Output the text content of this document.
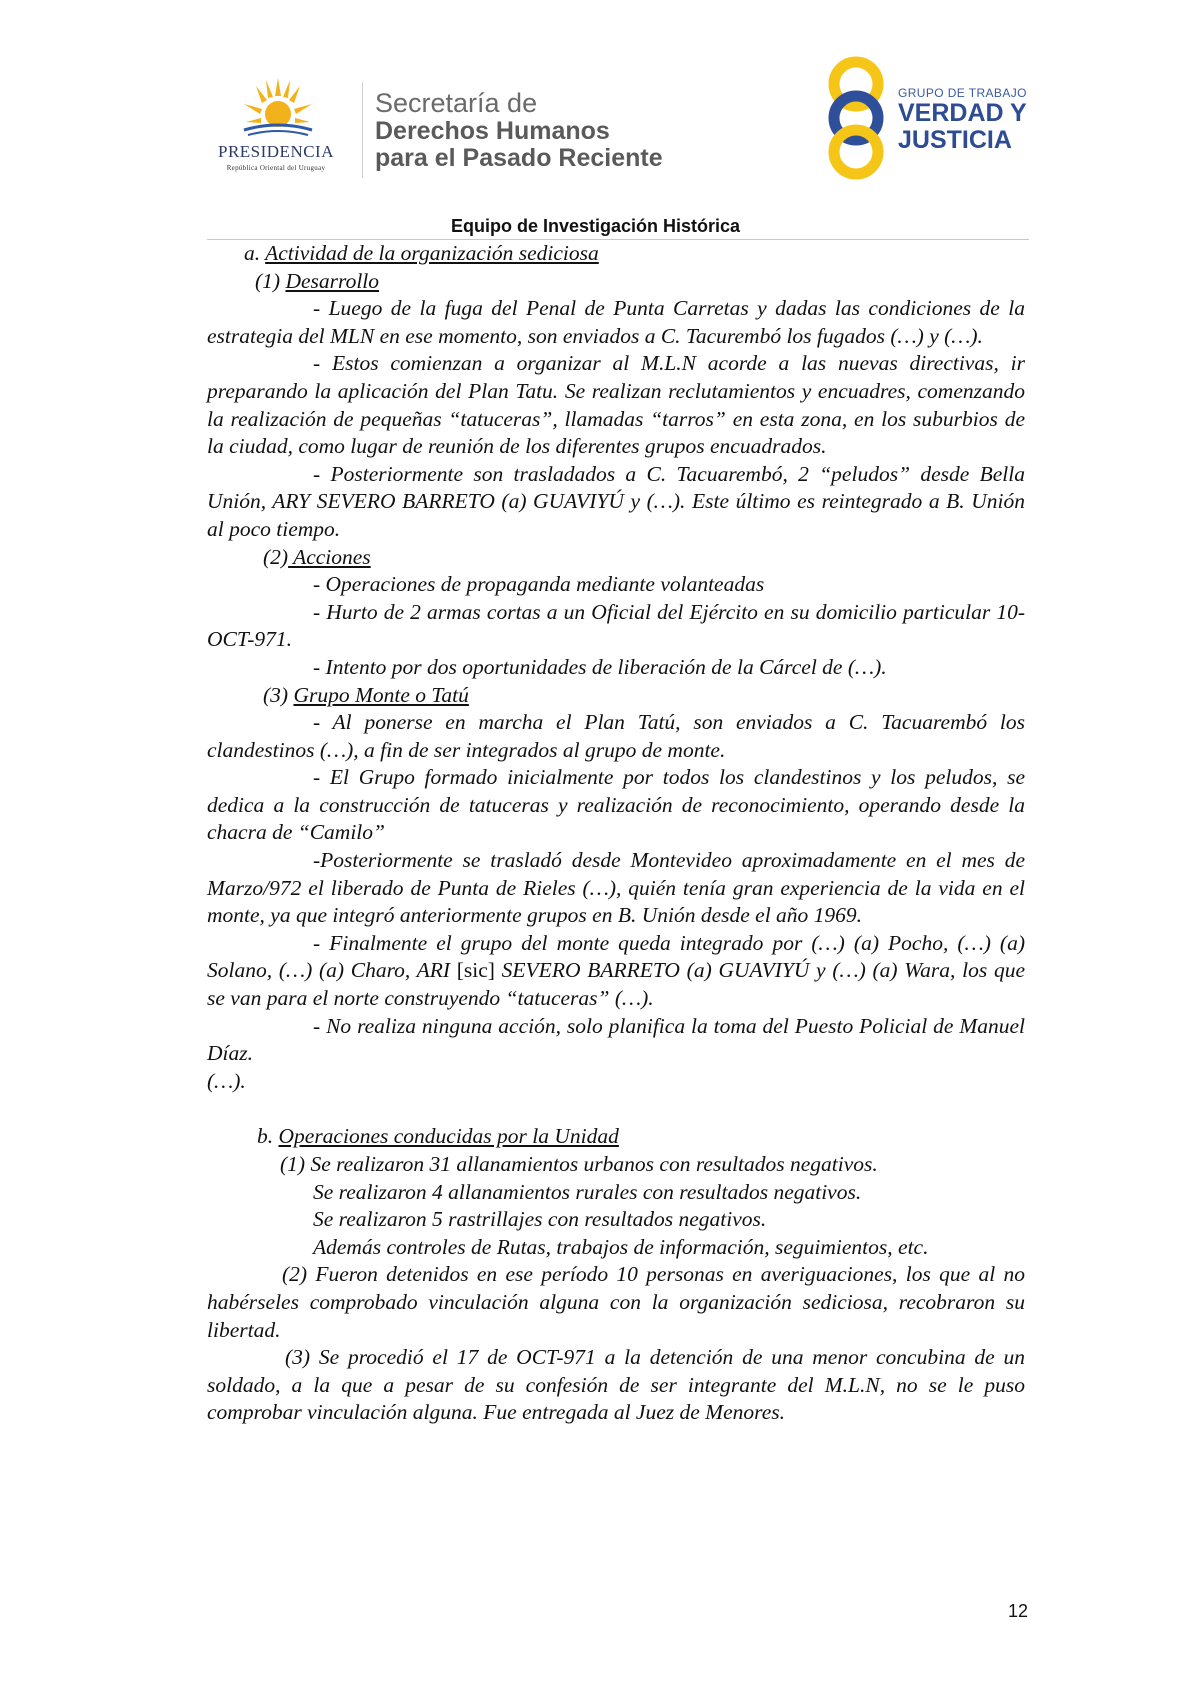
PRESIDENCIA
República Oriental del Uruguay
Secretaría de
Derechos Humanos
para el Pasado Reciente
GRUPO DE TRABAJO
VERDAD Y
JUSTICIA
Equipo de Investigación Histórica

a. Actividad de la organización sediciosa

(1) Desarrollo

- Luego de la fuga del Penal de Punta Carretas y dadas las condiciones de la estrategia del MLN en ese momento, son enviados a C. Tacurembó los fugados (…) y (…).

- Estos comienzan a organizar al M.L.N acorde a las nuevas directivas, ir preparando la aplicación del Plan Tatu. Se realizan reclutamientos y encuadres, comenzando la realización de pequeñas “tatuceras”, llamadas “tarros” en esta zona, en los suburbios de la ciudad, como lugar de reunión de los diferentes grupos encuadrados.

- Posteriormente son trasladados a C. Tacuarembó, 2 “peludos” desde Bella Unión, ARY SEVERO BARRETO (a) GUAVIYÚ y (…). Este último es reintegrado a B. Unión al poco tiempo.

(2) Acciones

- Operaciones de propaganda mediante volanteadas

- Hurto de 2 armas cortas a un Oficial del Ejército en su domicilio particular 10-OCT-971.

- Intento por dos oportunidades de liberación de la Cárcel de (…).

(3) Grupo Monte o Tatú

- Al ponerse en marcha el Plan Tatú, son enviados a C. Tacuarembó los clandestinos (…), a fin de ser integrados al grupo de monte.

- El Grupo formado inicialmente por todos los clandestinos y los peludos, se dedica a la construcción de tatuceras y realización de reconocimiento, operando desde la chacra de “Camilo”

-Posteriormente se trasladó desde Montevideo aproximadamente en el mes de Marzo/972 el liberado de Punta de Rieles (…), quién tenía gran experiencia de la vida en el monte, ya que integró anteriormente grupos en B. Unión desde el año 1969.

- Finalmente el grupo del monte queda integrado por (…) (a) Pocho, (…) (a) Solano, (…) (a) Charo, ARI [sic] SEVERO BARRETO (a) GUAVIYÚ y (…) (a) Wara, los que se van para el norte construyendo “tatuceras” (…).

- No realiza ninguna acción, solo planifica la toma del Puesto Policial de Manuel Díaz.

(…).

b. Operaciones conducidas por la Unidad

(1) Se realizaron 31 allanamientos urbanos con resultados negativos.

Se realizaron 4 allanamientos rurales con resultados negativos.

Se realizaron 5 rastrillajes con resultados negativos.

Además controles de Rutas, trabajos de información, seguimientos, etc.

(2) Fueron detenidos en ese período 10 personas en averiguaciones, los que al no habérseles comprobado vinculación alguna con la organización sediciosa, recobraron su libertad.

(3) Se procedió el 17 de OCT-971 a la detención de una menor concubina de un soldado, a la que a pesar de su confesión de ser integrante del M.L.N, no se le puso comprobar vinculación alguna. Fue entregada al Juez de Menores.

12
